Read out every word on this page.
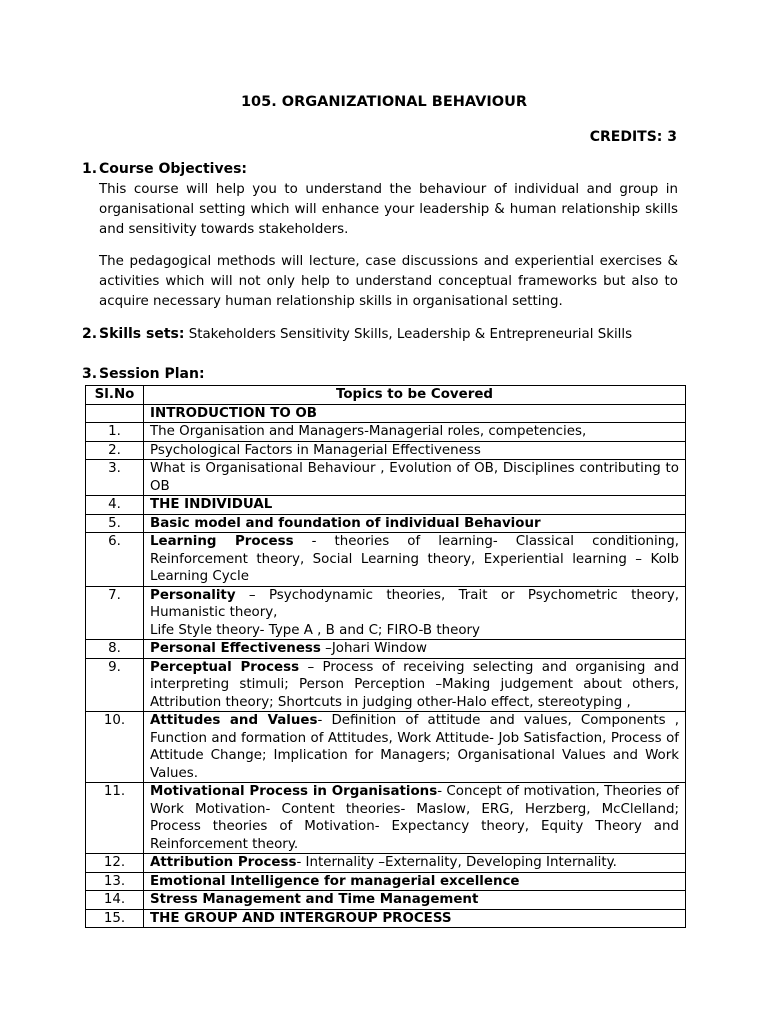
105. ORGANIZATIONAL BEHAVIOUR
CREDITS: 3
1. Course Objectives:
This course will help you to understand the behaviour of individual and group in organisational setting which will enhance your leadership & human relationship skills and sensitivity towards stakeholders.
The pedagogical methods will lecture, case discussions and experiential exercises & activities which will not only help to understand conceptual frameworks but also to acquire necessary human relationship skills in organisational setting.
2. Skills sets: Stakeholders Sensitivity Skills, Leadership & Entrepreneurial Skills
3. Session Plan:
Sl.No	Topics to be Covered
	INTRODUCTION TO OB
1.	The Organisation and Managers-Managerial roles, competencies,
2.	Psychological Factors in Managerial Effectiveness
3.	What is Organisational Behaviour , Evolution of OB, Disciplines contributing to OB
4.	THE INDIVIDUAL
5.	Basic model and foundation of individual Behaviour
6.	Learning Process - theories of learning- Classical conditioning, Reinforcement theory, Social Learning theory, Experiential learning – Kolb Learning Cycle
7.	Personality – Psychodynamic theories, Trait or Psychometric theory, Humanistic theory,
Life Style theory- Type A , B and C; FIRO-B theory
8.	Personal Effectiveness –Johari Window
9.	Perceptual Process – Process of receiving selecting and organising and interpreting stimuli; Person Perception –Making judgement about others, Attribution theory; Shortcuts in judging other-Halo effect, stereotyping ,
10.	Attitudes and Values- Definition of attitude and values, Components , Function and formation of Attitudes, Work Attitude- Job Satisfaction, Process of Attitude Change; Implication for Managers; Organisational Values and Work Values.
11.	Motivational Process in Organisations- Concept of motivation, Theories of Work Motivation- Content theories- Maslow, ERG, Herzberg, McClelland; Process theories of Motivation- Expectancy theory, Equity Theory and Reinforcement theory.
12.	Attribution Process- Internality –Externality, Developing Internality.
13.	Emotional Intelligence for managerial excellence
14.	Stress Management and Time Management
15.	THE GROUP AND INTERGROUP PROCESS
